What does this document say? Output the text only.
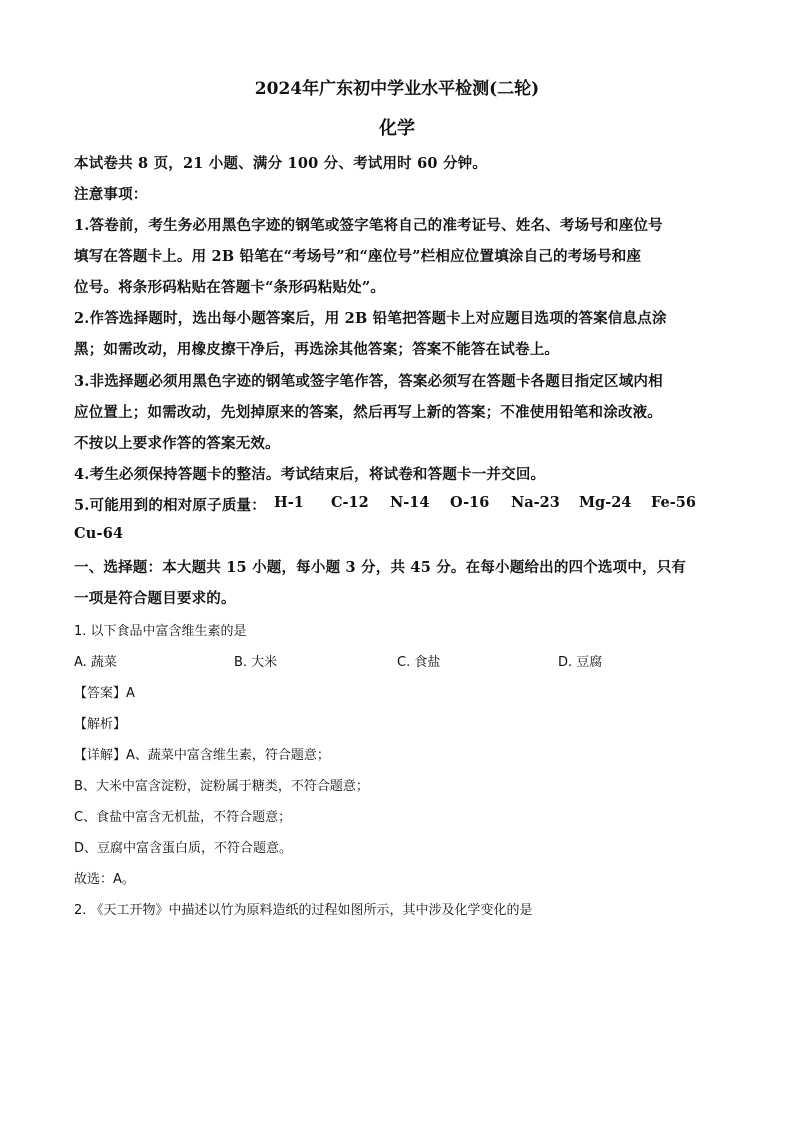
2024年广东初中学业水平检测(二轮)
化学
本试卷共 8 页，21 小题、满分 100 分、考试用时 60 分钟。
注意事项：
1.答卷前，考生务必用黑色字迹的钢笔或签字笔将自己的准考证号、姓名、考场号和座位号
填写在答题卡上。用 2B 铅笔在“考场号”和“座位号”栏相应位置填涂自己的考场号和座
位号。将条形码粘贴在答题卡“条形码粘贴处”。
2.作答选择题时，选出每小题答案后，用 2B 铅笔把答题卡上对应题目选项的答案信息点涂
黑；如需改动，用橡皮擦干净后，再选涂其他答案；答案不能答在试卷上。
3.非选择题必须用黑色字迹的钢笔或签字笔作答，答案必须写在答题卡各题目指定区域内相
应位置上；如需改动，先划掉原来的答案，然后再写上新的答案；不准使用铅笔和涂改液。
不按以上要求作答的答案无效。
4.考生必须保持答题卡的整洁。考试结束后，将试卷和答题卡一并交回。
5.可能用到的相对原子质量： H-1 C-12 N-14 O-16 Na-23 Mg-24 Fe-56
Cu-64
一、选择题：本大题共 15 小题，每小题 3 分，共 45 分。在每小题给出的四个选项中，只有
一项是符合题目要求的。
1. 以下食品中富含维生素的是
A. 蔬菜	B. 大米	C. 食盐	D. 豆腐
【答案】A
【解析】
【详解】A、蔬菜中富含维生素，符合题意；
B、大米中富含淀粉，淀粉属于糖类，不符合题意；
C、食盐中富含无机盐，不符合题意；
D、豆腐中富含蛋白质，不符合题意。
故选：A。
2. 《天工开物》中描述以竹为原料造纸的过程如图所示，其中涉及化学变化的是
